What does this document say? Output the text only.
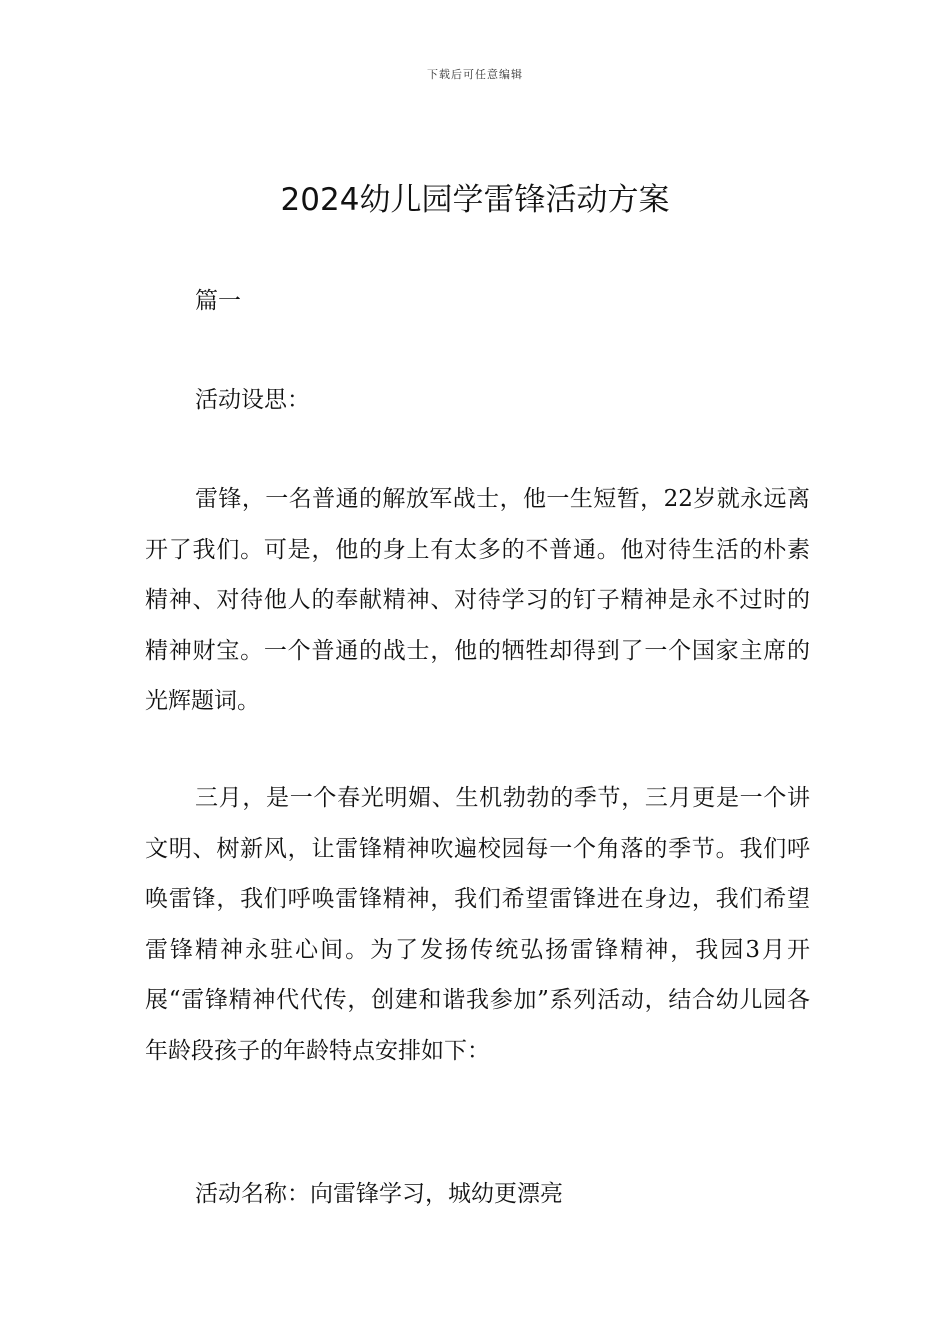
下载后可任意编辑
2024幼儿园学雷锋活动方案

篇一

活动设思：

雷锋，一名普通的解放军战士，他一生短暂，22岁就永远离开了我们。可是，他的身上有太多的不普通。他对待生活的朴素精神、对待他人的奉献精神、对待学习的钉子精神是永不过时的精神财宝。一个普通的战士，他的牺牲却得到了一个国家主席的光辉题词。

三月，是一个春光明媚、生机勃勃的季节，三月更是一个讲文明、树新风，让雷锋精神吹遍校园每一个角落的季节。我们呼唤雷锋，我们呼唤雷锋精神，我们希望雷锋进在身边，我们希望雷锋精神永驻心间。为了发扬传统弘扬雷锋精神，我园3月开展“雷锋精神代代传，创建和谐我参加”系列活动，结合幼儿园各年龄段孩子的年龄特点安排如下：

活动名称：向雷锋学习，城幼更漂亮
